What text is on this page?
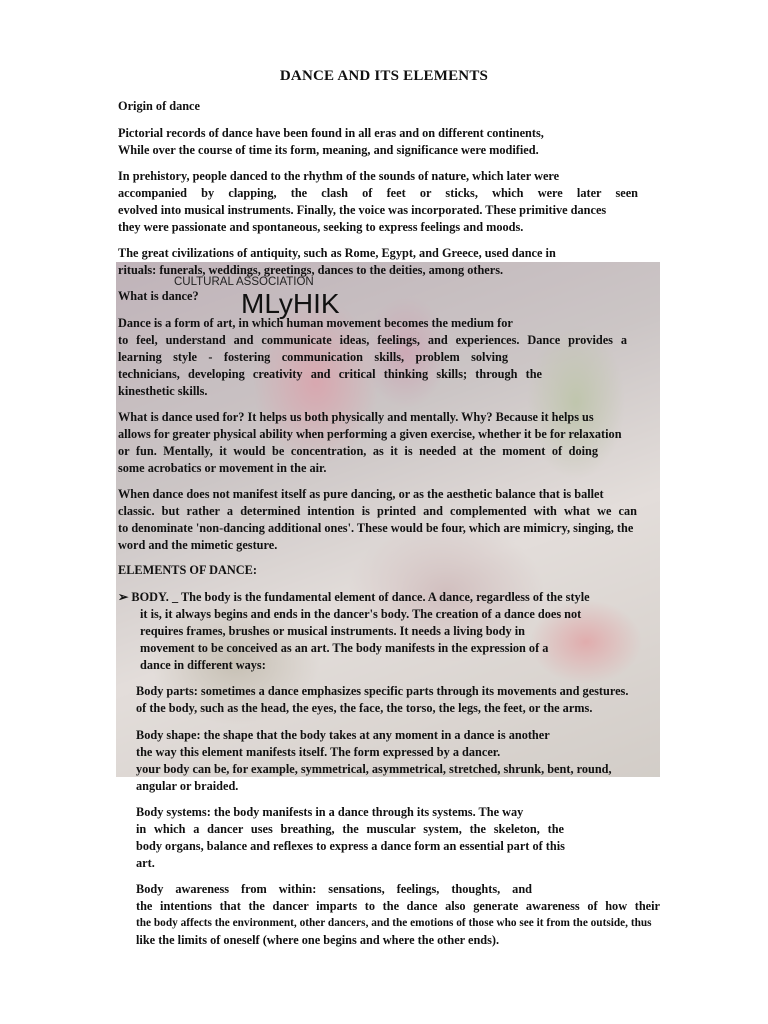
DANCE AND ITS ELEMENTS
Origin of dance
Pictorial records of dance have been found in all eras and on different continents,
While over the course of time its form, meaning, and significance were modified.
In prehistory, people danced to the rhythm of the sounds of nature, which later were
accompanied by clapping, the clash of feet or sticks, which were later seen
evolved into musical instruments. Finally, the voice was incorporated. These primitive dances
they were passionate and spontaneous, seeking to express feelings and moods.
The great civilizations of antiquity, such as Rome, Egypt, and Greece, used dance in
rituals: funerals, weddings, greetings, dances to the deities, among others.
CULTURAL ASSOCIATION
MLyHIK
What is dance?
Dance is a form of art, in which human movement becomes the medium for
to feel, understand and communicate ideas, feelings, and experiences. Dance provides a
learning style - fostering communication skills, problem solving
technicians, developing creativity and critical thinking skills; through the
kinesthetic skills.
What is dance used for? It helps us both physically and mentally. Why? Because it helps us
allows for greater physical ability when performing a given exercise, whether it be for relaxation
or fun. Mentally, it would be concentration, as it is needed at the moment of doing
some acrobatics or movement in the air.
When dance does not manifest itself as pure dancing, or as the aesthetic balance that is ballet
classic. but rather a determined intention is printed and complemented with what we can
to denominate 'non-dancing additional ones'. These would be four, which are mimicry, singing, the
word and the mimetic gesture.
ELEMENTS OF DANCE:
➢ BODY. _ The body is the fundamental element of dance. A dance, regardless of the style
it is, it always begins and ends in the dancer's body. The creation of a dance does not
requires frames, brushes or musical instruments. It needs a living body in
movement to be conceived as an art. The body manifests in the expression of a
dance in different ways:
Body parts: sometimes a dance emphasizes specific parts through its movements and gestures.
of the body, such as the head, the eyes, the face, the torso, the legs, the feet, or the arms.
Body shape: the shape that the body takes at any moment in a dance is another
the way this element manifests itself. The form expressed by a dancer.
your body can be, for example, symmetrical, asymmetrical, stretched, shrunk, bent, round,
angular or braided.
Body systems: the body manifests in a dance through its systems. The way
in which a dancer uses breathing, the muscular system, the skeleton, the
body organs, balance and reflexes to express a dance form an essential part of this
art.
Body awareness from within: sensations, feelings, thoughts, and
the intentions that the dancer imparts to the dance also generate awareness of how their
the body affects the environment, other dancers, and the emotions of those who see it from the outside, thus
like the limits of oneself (where one begins and where the other ends).
